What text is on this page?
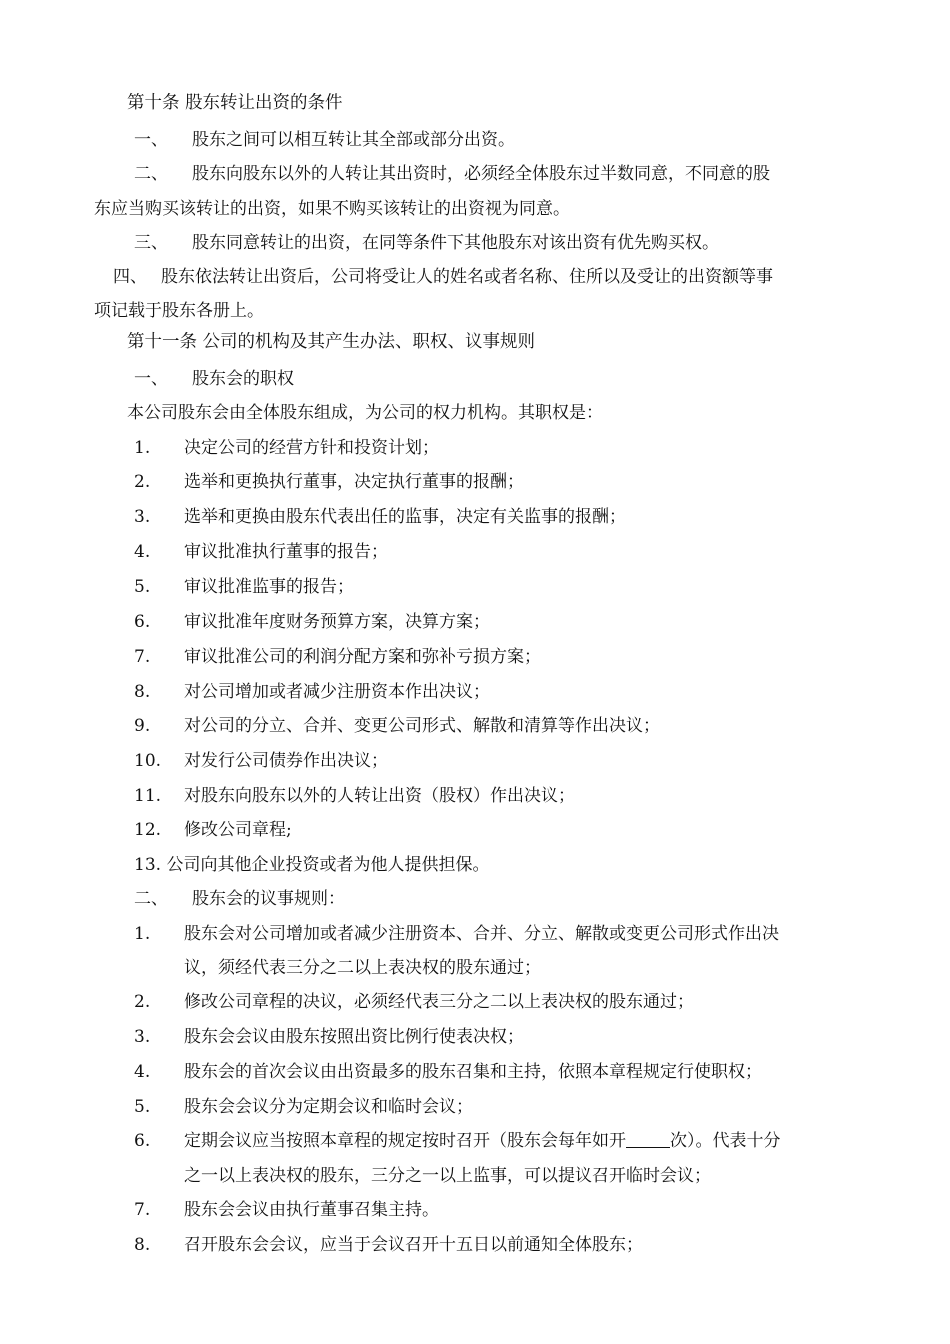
第十条 股东转让出资的条件
一、 股东之间可以相互转让其全部或部分出资。
二、 股东向股东以外的人转让其出资时，必须经全体股东过半数同意，不同意的股
东应当购买该转让的出资，如果不购买该转让的出资视为同意。
三、 股东同意转让的出资，在同等条件下其他股东对该出资有优先购买权。
四、 股东依法转让出资后，公司将受让人的姓名或者名称、住所以及受让的出资额等事
项记载于股东各册上。
第十一条 公司的机构及其产生办法、职权、议事规则
一、 股东会的职权
本公司股东会由全体股东组成，为公司的权力机构。其职权是：
1. 决定公司的经营方针和投资计划；
2. 选举和更换执行董事，决定执行董事的报酬；
3. 选举和更换由股东代表出任的监事，决定有关监事的报酬；
4. 审议批准执行董事的报告；
5. 审议批准监事的报告；
6. 审议批准年度财务预算方案，决算方案；
7. 审议批准公司的利润分配方案和弥补亏损方案；
8. 对公司增加或者减少注册资本作出决议；
9. 对公司的分立、合并、变更公司形式、解散和清算等作出决议；
10. 对发行公司债券作出决议；
11. 对股东向股东以外的人转让出资（股权）作出决议；
12. 修改公司章程;
13. 公司向其他企业投资或者为他人提供担保。
二、 股东会的议事规则：
1. 股东会对公司增加或者减少注册资本、合并、分立、解散或变更公司形式作出决
议，须经代表三分之二以上表决权的股东通过；
2. 修改公司章程的决议，必须经代表三分之二以上表决权的股东通过；
3. 股东会会议由股东按照出资比例行使表决权；
4. 股东会的首次会议由出资最多的股东召集和主持，依照本章程规定行使职权；
5. 股东会会议分为定期会议和临时会议；
6. 定期会议应当按照本章程的规定按时召开（股东会每年如开	次）。代表十分
之一以上表决权的股东，三分之一以上监事，可以提议召开临时会议；
7. 股东会会议由执行董事召集主持。
8. 召开股东会会议，应当于会议召开十五日以前通知全体股东；
